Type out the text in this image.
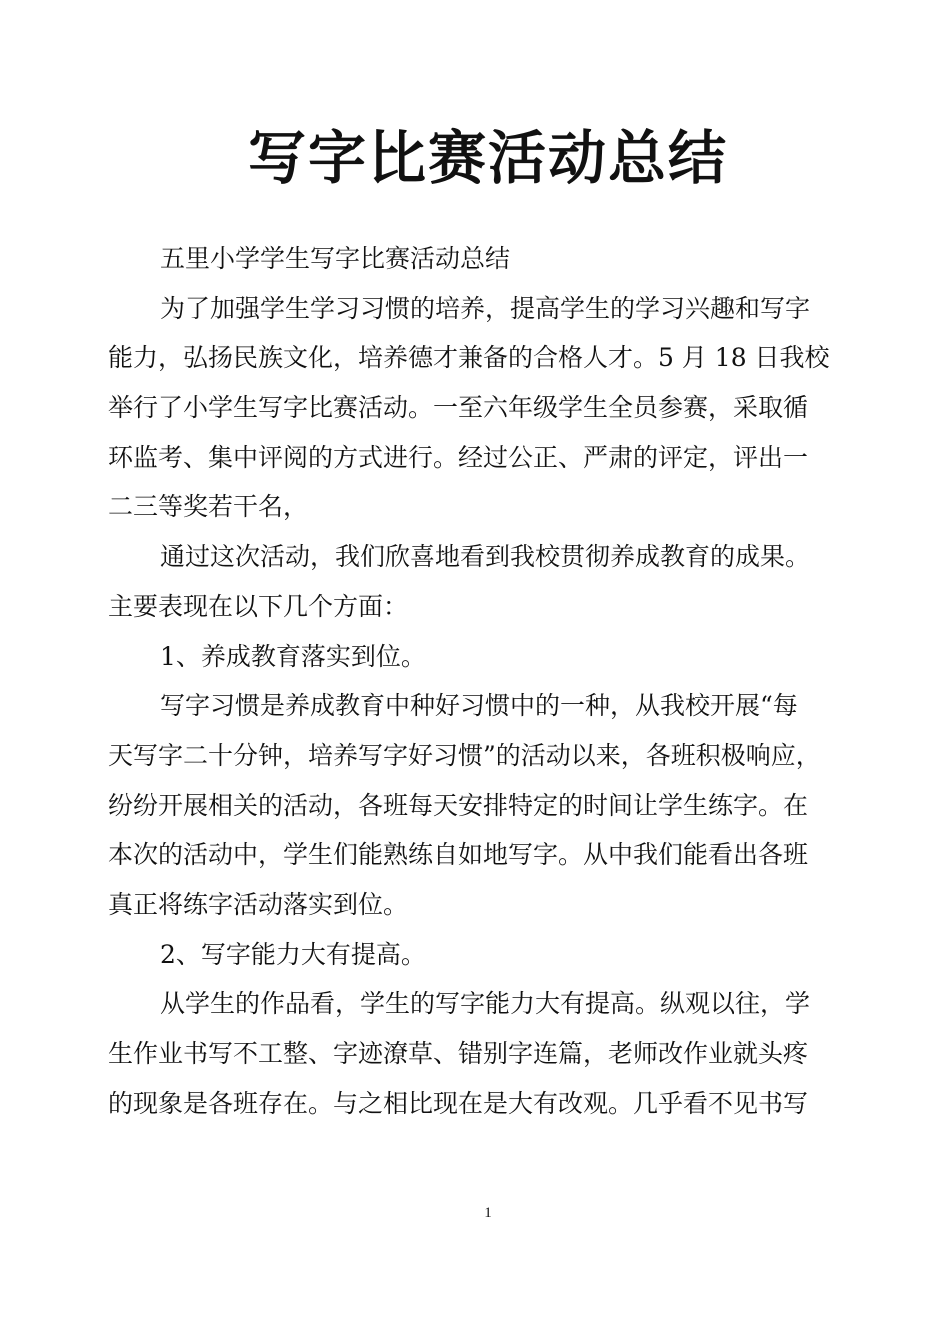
写字比赛活动总结
五里小学学生写字比赛活动总结
为了加强学生学习习惯的培养，提高学生的学习兴趣和写字
能力，弘扬民族文化，培养德才兼备的合格人才。5 月 18 日我校
举行了小学生写字比赛活动。一至六年级学生全员参赛，采取循
环监考、集中评阅的方式进行。经过公正、严肃的评定，评出一
二三等奖若干名，
通过这次活动，我们欣喜地看到我校贯彻养成教育的成果。
主要表现在以下几个方面：
1、养成教育落实到位。
写字习惯是养成教育中种好习惯中的一种，从我校开展“每
天写字二十分钟，培养写字好习惯”的活动以来，各班积极响应，
纷纷开展相关的活动，各班每天安排特定的时间让学生练字。在
本次的活动中，学生们能熟练自如地写字。从中我们能看出各班
真正将练字活动落实到位。
2、写字能力大有提高。
从学生的作品看，学生的写字能力大有提高。纵观以往，学
生作业书写不工整、字迹潦草、错别字连篇，老师改作业就头疼
的现象是各班存在。与之相比现在是大有改观。几乎看不见书写
1
